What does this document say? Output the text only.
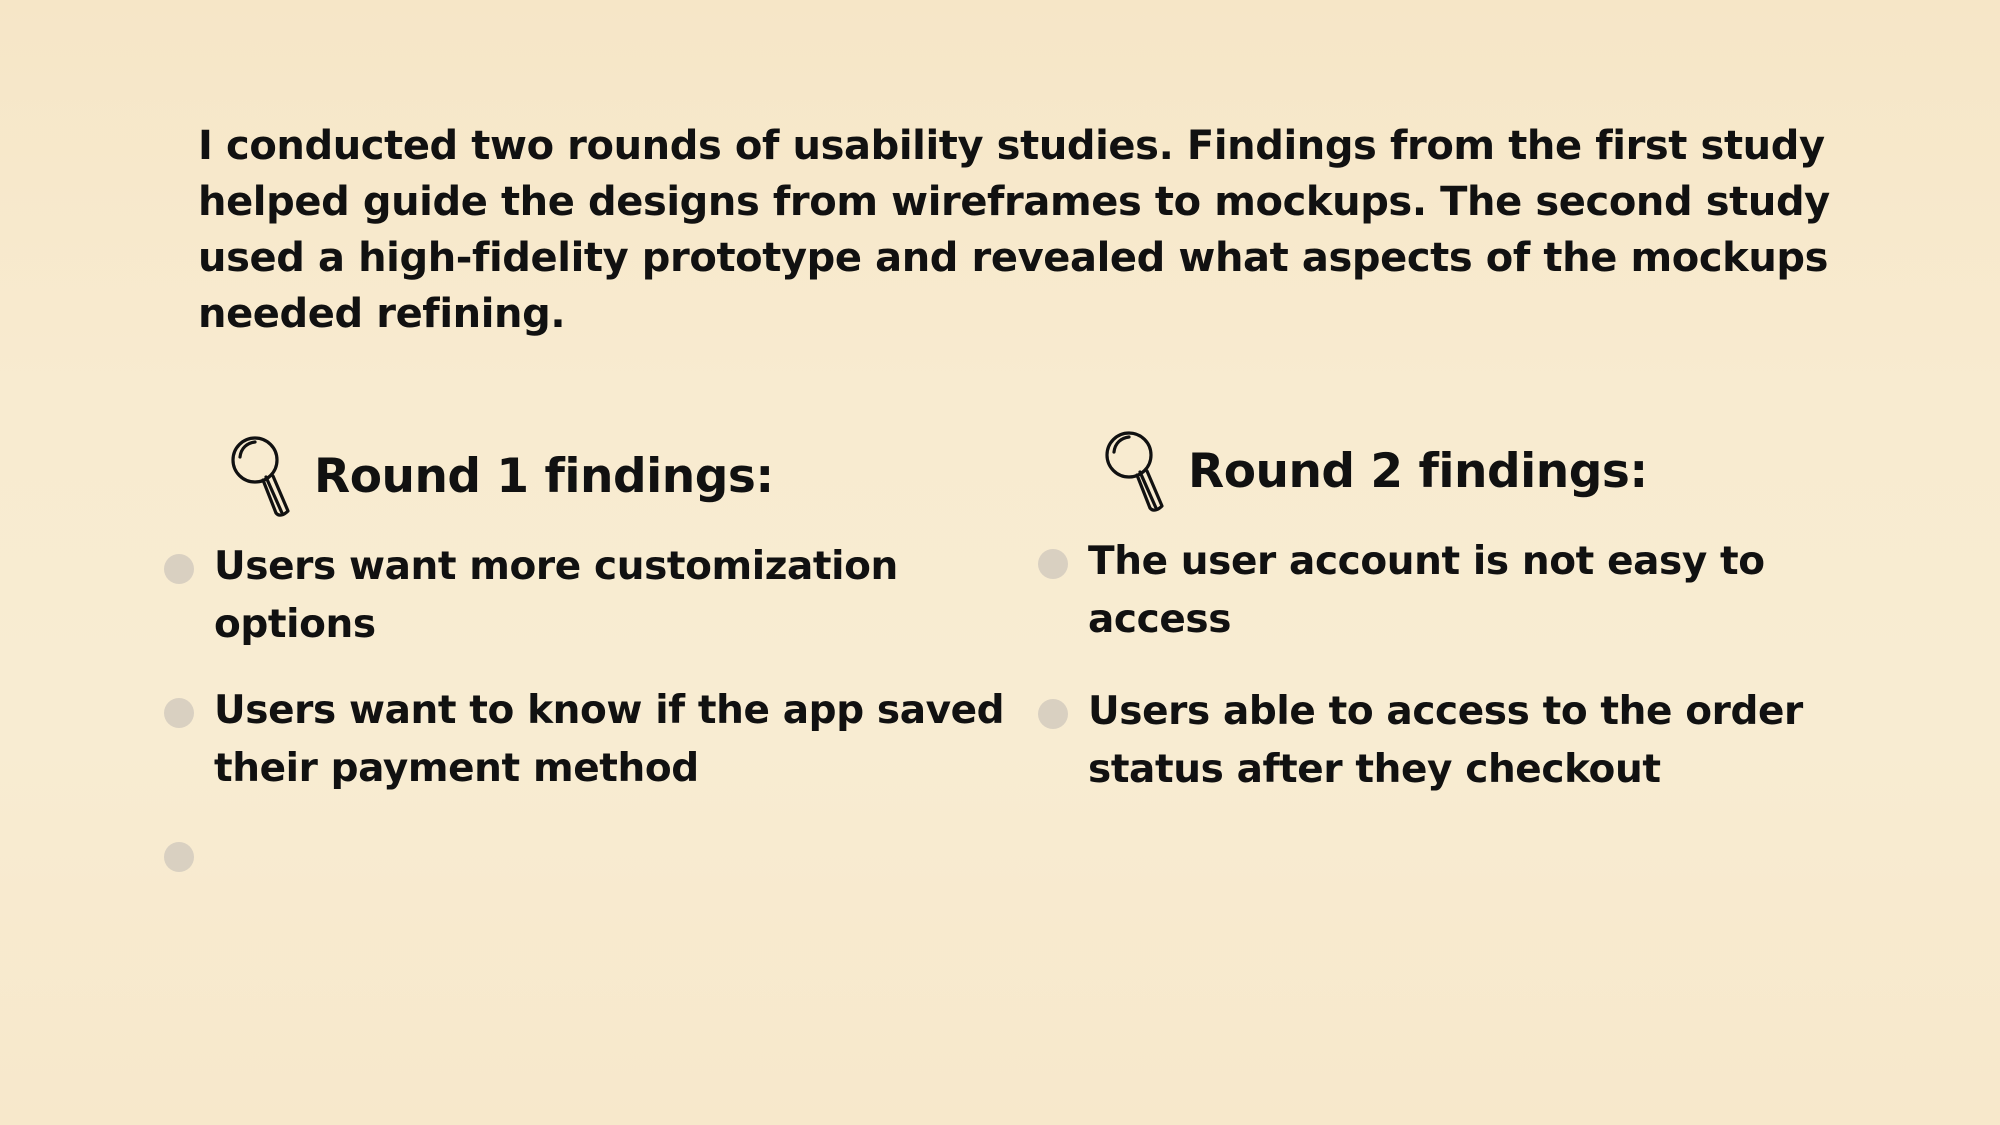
I conducted two rounds of usability studies. Findings from the first study helped guide the designs from wireframes to mockups. The second study used a high-fidelity prototype and revealed what aspects of the mockups needed refining.

Round 1 findings:
Users want more customization options
Users want to know if the app saved their payment method
Round 2 findings:
The user account is not easy to access
Users able to access to the order status after they checkout
